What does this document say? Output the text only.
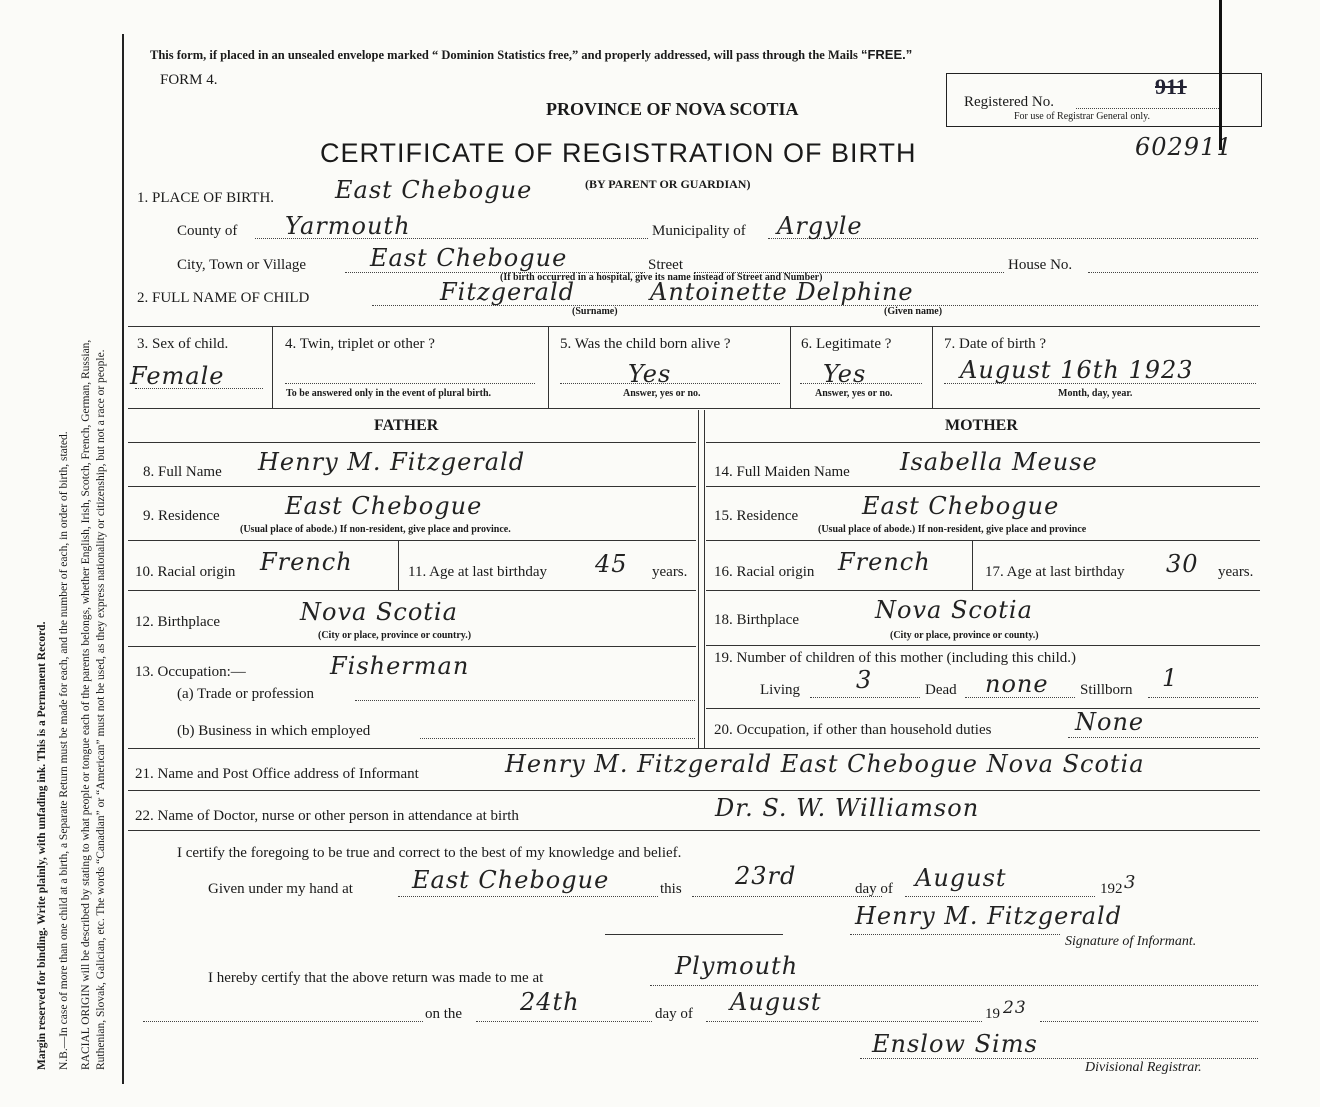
Margin reserved for binding. Write plainly, with unfading ink. This is a Permanent Record. N.B.—In case of more than one child at a birth, a Separate Return must be made for each, and the number of each, in order of birth, stated. RACIAL ORIGIN will be described by stating to what people or tongue each of the parents belongs, whether English, Irish, Scotch, French, German, Russian, Ruthenian, Slovak, Galician, etc. The words “Canadian” or “American” must not be used, as they express nationality or citizenship, but not a race or people.
This form, if placed in an unsealed envelope marked “ Dominion Statistics free,” and properly addressed, will pass through the Mails “FREE.”
FORM 4.
PROVINCE OF NOVA SCOTIA
CERTIFICATE OF REGISTRATION OF BIRTH
(BY PARENT OR GUARDIAN)
Registered No.
911
For use of Registrar General only.
602911
1. PLACE OF BIRTH.	East Chebogue
County of Yarmouth	Municipality of Argyle
City, Town or Village	East Chebogue	Street	House No.
(If birth occurred in a hospital, give its name instead of Street and Number)
2. FULL NAME OF CHILD	Fitzgerald	Antoinette Delphine
(Surname)	(Given name)
3. Sex of child.
Female
4. Twin, triplet or other ?
To be answered only in the event of plural birth.
5. Was the child born alive ?
Yes
Answer, yes or no.
6. Legitimate ?
Yes
Answer, yes or no.
7. Date of birth ?
August 16th 1923
Month, day, year.
FATHER	MOTHER
8. Full Name Henry M. Fitzgerald
9. Residence	East Chebogue
(Usual place of abode.) If non-resident, give place and province.
10. Racial origin French	11. Age at last birthday 45 years.
12. Birthplace	Nova Scotia
(City or place, province or country.)
13. Occupation:—	Fisherman
(a) Trade or profession
(b) Business in which employed
14. Full Maiden Name Isabella Meuse
15. Residence	East Chebogue
(Usual place of abode.) If non-resident, give place and province
16. Racial origin French	17. Age at last birthday 30 years.
18. Birthplace	Nova Scotia
(City or place, province or county.)
19. Number of children of this mother (including this child.)
Living 3	Dead none Stillborn 1
20. Occupation, if other than household duties	None
21. Name and Post Office address of Informant	Henry M. Fitzgerald East Chebogue Nova Scotia
22. Name of Doctor, nurse or other person in attendance at birth	Dr. S. W. Williamson
I certify the foregoing to be true and correct to the best of my knowledge and belief.
Given under my hand at East Chebogue	this 23rd	day of August	192 3
Henry M. Fitzgerald
Signature of Informant.
I hereby certify that the above return was made to me at	Plymouth
on the 24th	day of August	19 23
Enslow Sims
Divisional Registrar.
